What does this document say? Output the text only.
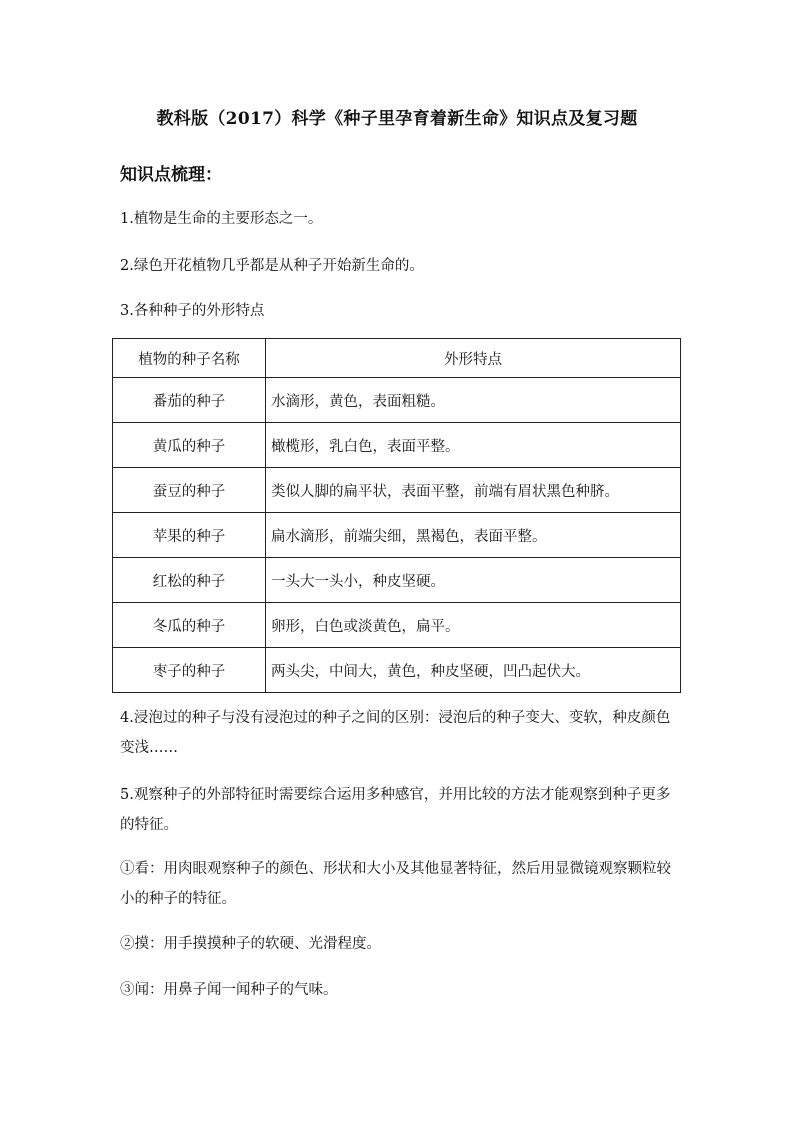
教科版（2017）科学《种子里孕育着新生命》知识点及复习题
知识点梳理：

1.植物是生命的主要形态之一。

2.绿色开花植物几乎都是从种子开始新生命的。

3.各种种子的外形特点

植物的种子名称	外形特点
番茄的种子	水滴形，黄色，表面粗糙。
黄瓜的种子	橄榄形，乳白色，表面平整。
蚕豆的种子	类似人脚的扁平状，表面平整，前端有眉状黑色种脐。
苹果的种子	扁水滴形，前端尖细，黑褐色，表面平整。
红松的种子	一头大一头小，种皮坚硬。
冬瓜的种子	卵形，白色或淡黄色，扁平。
枣子的种子	两头尖，中间大，黄色，种皮坚硬，凹凸起伏大。

4.浸泡过的种子与没有浸泡过的种子之间的区别：浸泡后的种子变大、变软，种皮颜色变浅……

5.观察种子的外部特征时需要综合运用多种感官，并用比较的方法才能观察到种子更多的特征。

①看：用肉眼观察种子的颜色、形状和大小及其他显著特征，然后用显微镜观察颗粒较小的种子的特征。

②摸：用手摸摸种子的软硬、光滑程度。

③闻：用鼻子闻一闻种子的气味。
